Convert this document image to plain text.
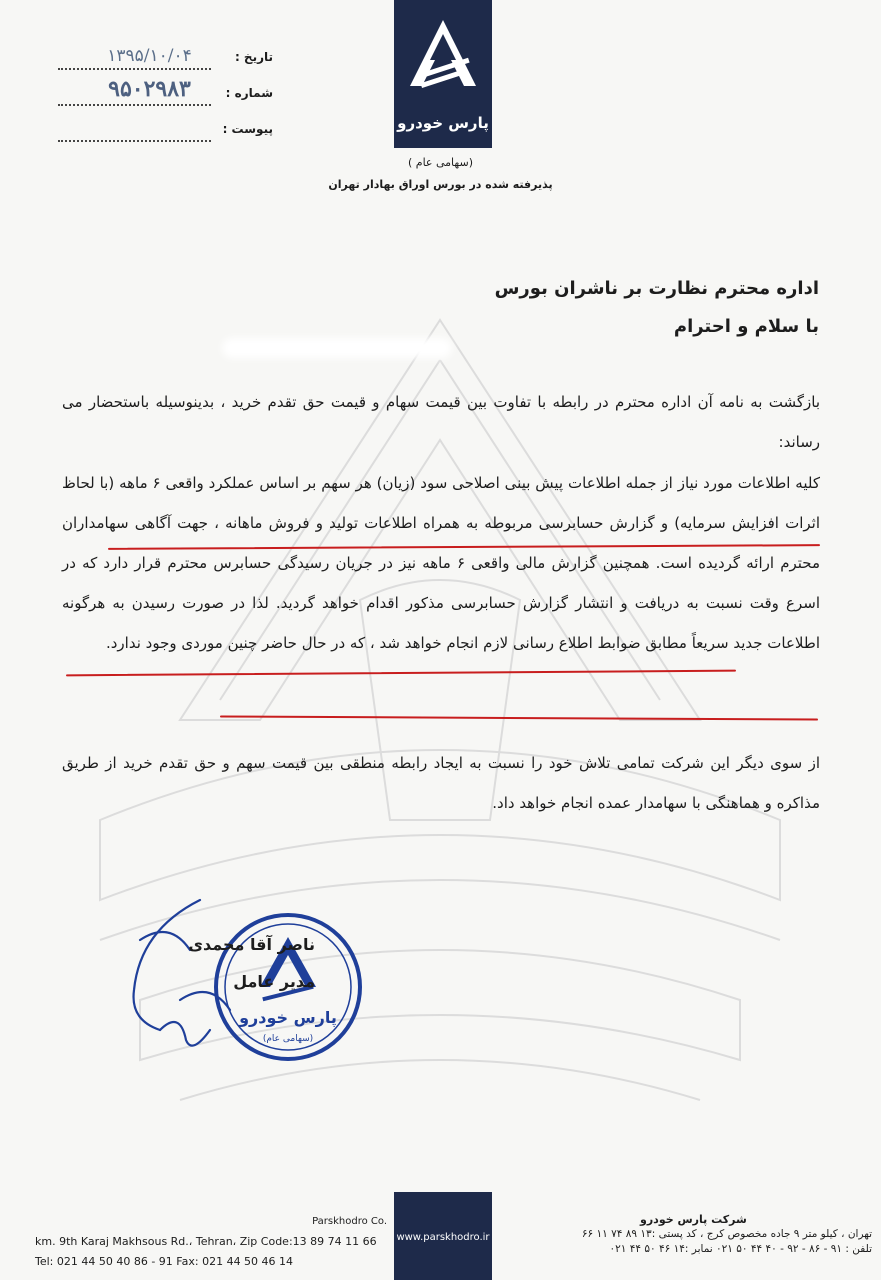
پارس خودرو
(سهامی عام )
پذیرفته شده در بورس اوراق بهادار تهران
تاریخ :
۱۳۹۵/۱۰/۰۴
شماره :
۹۵۰۲۹۸۳
پیوست :
اداره محترم نظارت بر ناشران بورس
با سلام و احترام
بازگشت به نامه آن اداره محترم در رابطه با تفاوت بین قیمت سهام و قیمت حق تقدم خرید ، بدینوسیله باستحضار می رساند:
کلیه اطلاعات مورد نیاز از جمله اطلاعات پیش بینی اصلاحی سود (زیان) هر سهم بر اساس عملکرد واقعی ۶ ماهه (با لحاظ اثرات افزایش سرمایه) و گزارش حسابرسی مربوطه به همراه اطلاعات تولید و فروش ماهانه ، جهت آگاهی سهامداران محترم ارائه گردیده است. همچنین گزارش مالی واقعی ۶ ماهه نیز در جریان رسیدگی حسابرس محترم قرار دارد که در اسرع وقت نسبت به دریافت و انتشار گزارش حسابرسی مذکور اقدام خواهد گردید. لذا در صورت رسیدن به هرگونه اطلاعات جدید سریعاً مطابق ضوابط اطلاع رسانی لازم انجام خواهد شد ، که در حال حاضر چنین موردی وجود ندارد.
از سوی دیگر این شرکت تمامی تلاش خود را نسبت به ایجاد رابطه منطقی بین قیمت سهم و حق تقدم خرید از طریق مذاکره و هماهنگی با سهامدار عمده انجام خواهد داد.
پارس خودرو
(سهامی عام)
ناصر آقا محمدی
مدیر عامل
Parskhodro Co.
km. 9th Karaj Makhsous Rd.، Tehran، Zip Code:13 89 74 11 66
Tel: 021 44 50 40 86 - 91 Fax: 021 44 50 46 14
www.parskhodro.ir
شرکت پارس خودرو
تهران ، کیلو متر ۹ جاده مخصوص کرج ، کد پستی :۱۳ ۸۹ ۷۴ ۱۱ ۶۶
تلفن : ۹۱ - ۸۶ - ۹۲ - ۴۰ ۴۴ ۵۰ ۰۲۱ نمابر :۱۴ ۴۶ ۵۰ ۴۴ ۰۲۱
